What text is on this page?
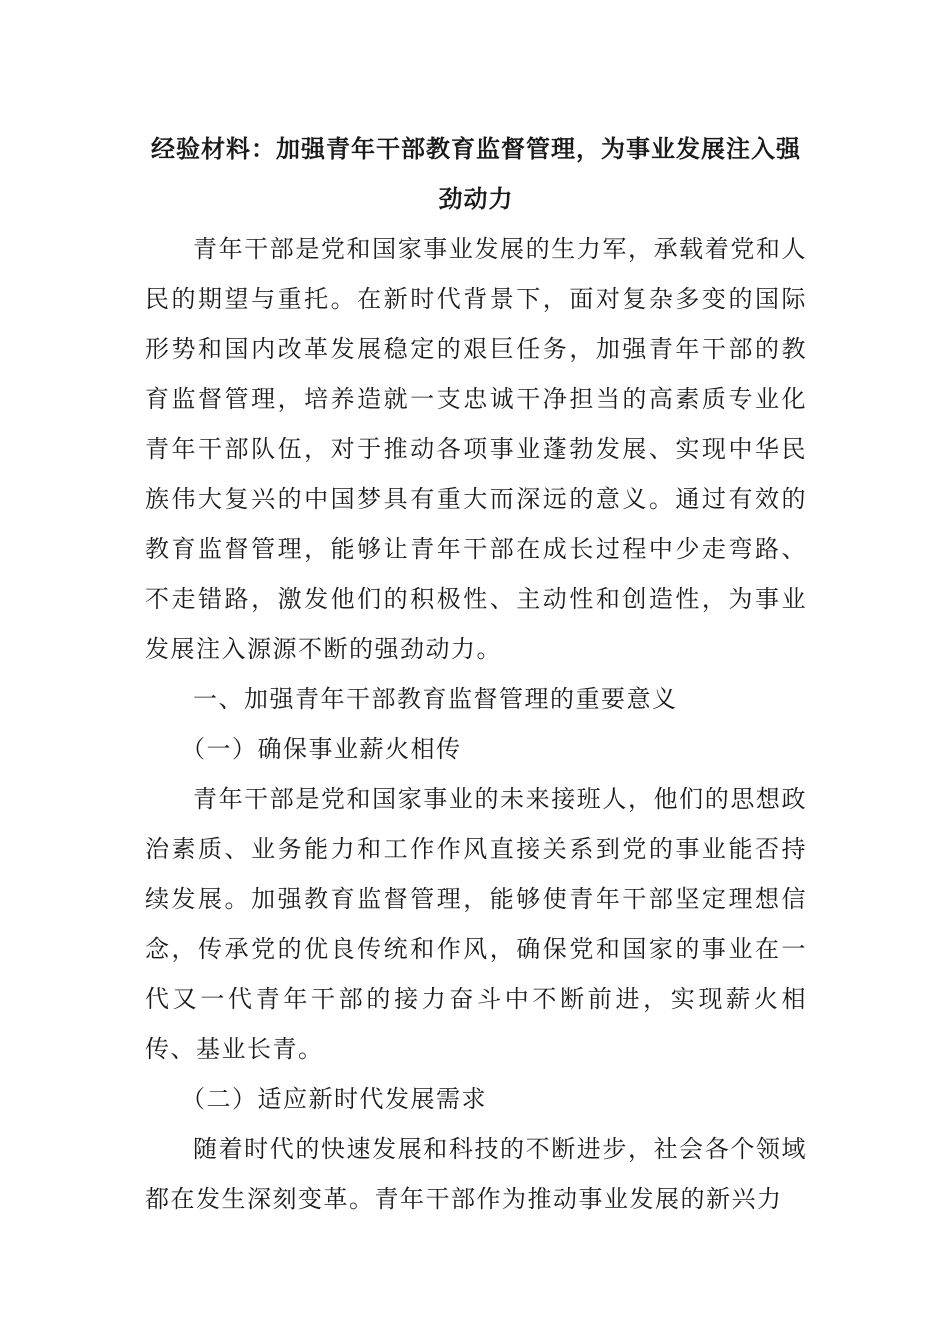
经验材料：加强青年干部教育监督管理，为事业发展注入强劲动力

青年干部是党和国家事业发展的生力军，承载着党和人民的期望与重托。在新时代背景下，面对复杂多变的国际形势和国内改革发展稳定的艰巨任务，加强青年干部的教育监督管理，培养造就一支忠诚干净担当的高素质专业化青年干部队伍，对于推动各项事业蓬勃发展、实现中华民族伟大复兴的中国梦具有重大而深远的意义。通过有效的教育监督管理，能够让青年干部在成长过程中少走弯路、不走错路，激发他们的积极性、主动性和创造性，为事业发展注入源源不断的强劲动力。

一、加强青年干部教育监督管理的重要意义

（一）确保事业薪火相传

青年干部是党和国家事业的未来接班人，他们的思想政治素质、业务能力和工作作风直接关系到党的事业能否持续发展。加强教育监督管理，能够使青年干部坚定理想信念，传承党的优良传统和作风，确保党和国家的事业在一代又一代青年干部的接力奋斗中不断前进，实现薪火相传、基业长青。

（二）适应新时代发展需求

随着时代的快速发展和科技的不断进步，社会各个领域都在发生深刻变革。青年干部作为推动事业发展的新兴力
